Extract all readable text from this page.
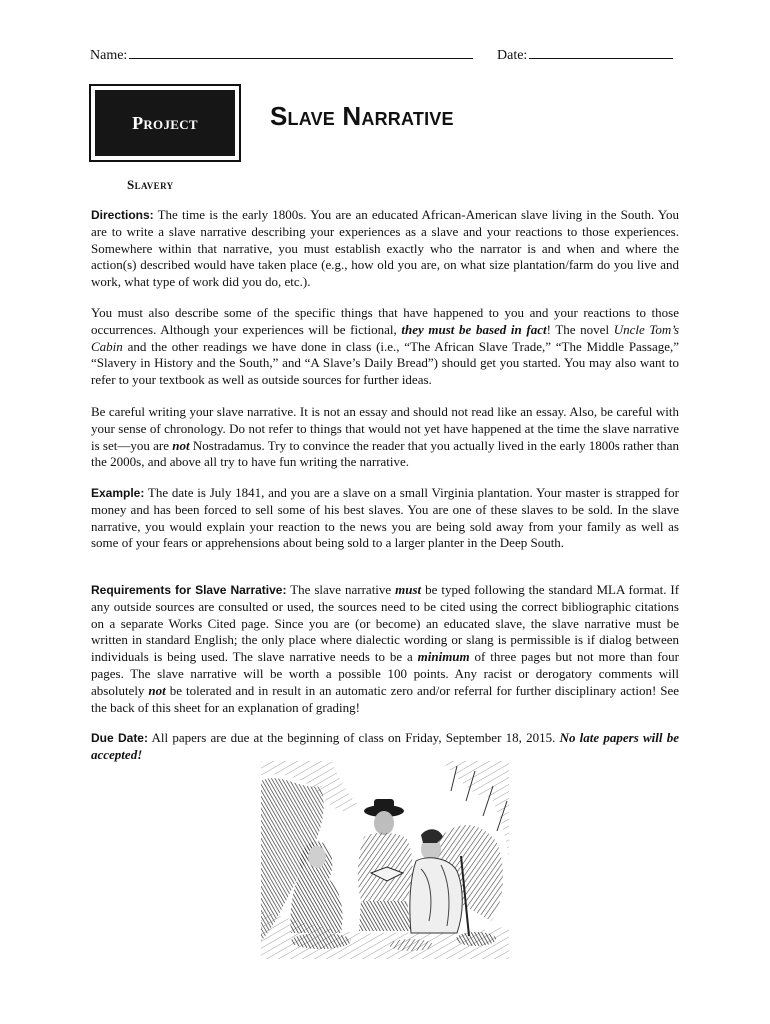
Name:	Date:
Project	Slave Narrative
Slavery

Directions: The time is the early 1800s. You are an educated African-American slave living in the South. You are to write a slave narrative describing your experiences as a slave and your reactions to those experiences. Somewhere within that narrative, you must establish exactly who the narrator is and when and where the action(s) described would have taken place (e.g., how old you are, on what size plantation/farm do you live and work, what type of work did you do, etc.).

You must also describe some of the specific things that have happened to you and your reactions to those occurrences. Although your experiences will be fictional, they must be based in fact! The novel Uncle Tom’s Cabin and the other readings we have done in class (i.e., “The African Slave Trade,” “The Middle Passage,” “Slavery in History and the South,” and “A Slave’s Daily Bread”) should get you started. You may also want to refer to your textbook as well as outside sources for further ideas.

Be careful writing your slave narrative. It is not an essay and should not read like an essay. Also, be careful with your sense of chronology. Do not refer to things that would not yet have happened at the time the slave narrative is set—you are not Nostradamus. Try to convince the reader that you actually lived in the early 1800s rather than the 2000s, and above all try to have fun writing the narrative.

Example: The date is July 1841, and you are a slave on a small Virginia plantation. Your master is strapped for money and has been forced to sell some of his best slaves. You are one of these slaves to be sold. In the slave narrative, you would explain your reaction to the news you are being sold away from your family as well as some of your fears or apprehensions about being sold to a larger planter in the Deep South.

Requirements for Slave Narrative: The slave narrative must be typed following the standard MLA format. If any outside sources are consulted or used, the sources need to be cited using the correct bibliographic citations on a separate Works Cited page. Since you are (or become) an educated slave, the slave narrative must be written in standard English; the only place where dialectic wording or slang is permissible is if dialog between individuals is being used. The slave narrative needs to be a minimum of three pages but not more than four pages. The slave narrative will be worth a possible 100 points. Any racist or derogatory comments will absolutely not be tolerated and in result in an automatic zero and/or referral for further disciplinary action! See the back of this sheet for an explanation of grading!

Due Date: All papers are due at the beginning of class on Friday, September 18, 2015. No late papers will be accepted!
